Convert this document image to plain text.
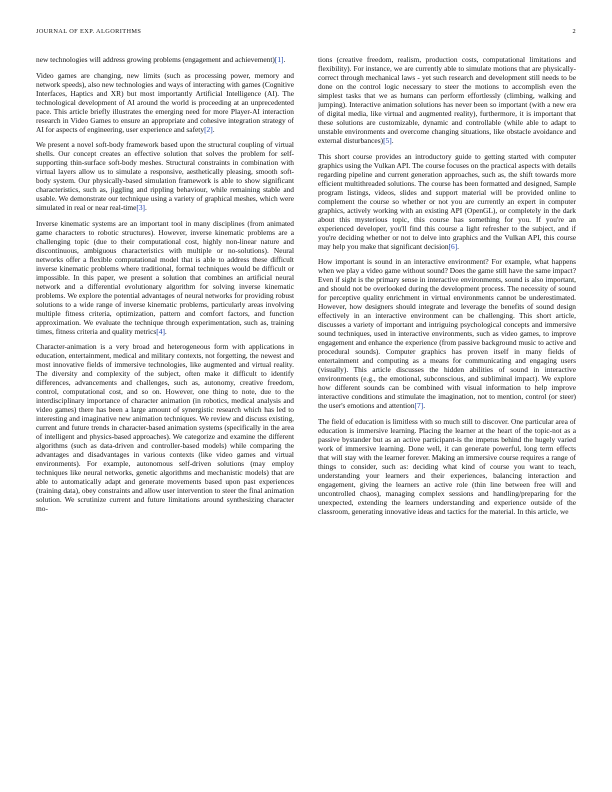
JOURNAL OF EXP. ALGORITHMS	2

new technologies will address growing problems (engagement and achievement)[1].

Video games are changing, new limits (such as processing power, memory and network speeds), also new technologies and ways of interacting with games (Cognitive Interfaces, Haptics and XR) but most importantly Artificial Intelligence (AI). The technological development of AI around the world is proceeding at an unprecedented pace. This article briefly illustrates the emerging need for more Player-AI interaction research in Video Games to ensure an appropriate and cohesive integration strategy of AI for aspects of engineering, user experience and safety[2].

We present a novel soft-body framework based upon the structural coupling of virtual shells. Our concept creates an effective solution that solves the problem for self-supporting thin-surface soft-body meshes. Structural constraints in combination with virtual layers allow us to simulate a responsive, aesthetically pleasing, smooth soft-body system. Our physically-based simulation framework is able to show significant characteristics, such as, jiggling and rippling behaviour, while remaining stable and usable. We demonstrate our technique using a variety of graphical meshes, which were simulated in real or near real-time[3].

Inverse kinematic systems are an important tool in many disciplines (from animated game characters to robotic structures). However, inverse kinematic problems are a challenging topic (due to their computational cost, highly non-linear nature and discontinuous, ambiguous characteristics with multiple or no-solutions). Neural networks offer a flexible computational model that is able to address these difficult inverse kinematic problems where traditional, formal techniques would be difficult or impossible. In this paper, we present a solution that combines an artificial neural network and a differential evolutionary algorithm for solving inverse kinematic problems. We explore the potential advantages of neural networks for providing robust solutions to a wide range of inverse kinematic problems, particularly areas involving multiple fitness criteria, optimization, pattern and comfort factors, and function approximation. We evaluate the technique through experimentation, such as, training times, fitness criteria and quality metrics[4].

Character-animation is a very broad and heterogeneous form with applications in education, entertainment, medical and military contexts, not forgetting, the newest and most innovative fields of immersive technologies, like augmented and virtual reality. The diversity and complexity of the subject, often make it difficult to identify differences, advancements and challenges, such as, autonomy, creative freedom, control, computational cost, and so on. However, one thing to note, due to the interdisciplinary importance of character animation (in robotics, medical analysis and video games) there has been a large amount of synergistic research which has led to interesting and imaginative new animation techniques. We review and discuss existing, current and future trends in character-based animation systems (specifically in the area of intelligent and physics-based approaches). We categorize and examine the different algorithms (such as data-driven and controller-based models) while comparing the advantages and disadvantages in various contexts (like video games and virtual environments). For example, autonomous self-driven solutions (may employ techniques like neural networks, genetic algorithms and mechanistic models) that are able to automatically adapt and generate movements based upon past experiences (training data), obey constraints and allow user intervention to steer the final animation solution. We scrutinize current and future limitations around synthesizing character mo-

tions (creative freedom, realism, production costs, computational limitations and flexibility). For instance, we are currently able to simulate motions that are physically-correct through mechanical laws - yet such research and development still needs to be done on the control logic necessary to steer the motions to accomplish even the simplest tasks that we as humans can perform effortlessly (climbing, walking and jumping). Interactive animation solutions has never been so important (with a new era of digital media, like virtual and augmented reality), furthermore, it is important that these solutions are customizable, dynamic and controllable (while able to adapt to unstable environments and overcome changing situations, like obstacle avoidance and external disturbances)[5].

This short course provides an introductory guide to getting started with computer graphics using the Vulkan API. The course focuses on the practical aspects with details regarding pipeline and current generation approaches, such as, the shift towards more efficient multithreaded solutions. The course has been formatted and designed, Sample program listings, videos, slides and support material will be provided online to complement the course so whether or not you are currently an expert in computer graphics, actively working with an existing API (OpenGL), or completely in the dark about this mysterious topic, this course has something for you. If you're an experienced developer, you'll find this course a light refresher to the subject, and if you're deciding whether or not to delve into graphics and the Vulkan API, this course may help you make that significant decision[6].

How important is sound in an interactive environment? For example, what happens when we play a video game without sound? Does the game still have the same impact? Even if sight is the primary sense in interactive environments, sound is also important, and should not be overlooked during the development process. The necessity of sound for perceptive quality enrichment in virtual environments cannot be underestimated. However, how designers should integrate and leverage the benefits of sound design effectively in an interactive environment can be challenging. This short article, discusses a variety of important and intriguing psychological concepts and immersive sound techniques, used in interactive environments, such as video games, to improve engagement and enhance the experience (from passive background music to active and procedural sounds). Computer graphics has proven itself in many fields of entertainment and computing as a means for communicating and engaging users (visually). This article discusses the hidden abilities of sound in interactive environments (e.g., the emotional, subconscious, and subliminal impact). We explore how different sounds can be combined with visual information to help improve interactive conditions and stimulate the imagination, not to mention, control (or steer) the user's emotions and attention[7].

The field of education is limitless with so much still to discover. One particular area of education is immersive learning. Placing the learner at the heart of the topic-not as a passive bystander but as an active participant-is the impetus behind the hugely varied work of immersive learning. Done well, it can generate powerful, long term effects that will stay with the learner forever. Making an immersive course requires a range of things to consider, such as: deciding what kind of course you want to teach, understanding your learners and their experiences, balancing interaction and engagement, giving the learners an active role (thin line between free will and uncontrolled chaos), managing complex sessions and handling/preparing for the unexpected, extending the learners understanding and experience outside of the classroom, generating innovative ideas and tactics for the material. In this article, we
